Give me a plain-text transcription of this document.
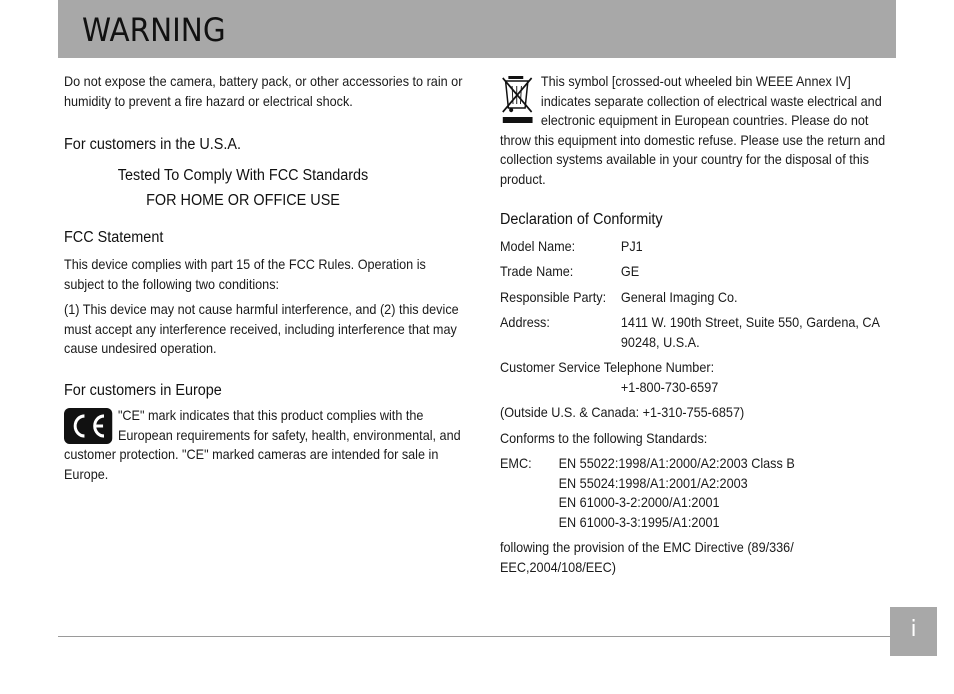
WARNING

Do not expose the camera, battery pack, or other accessories to rain or humidity to prevent a fire hazard or electrical shock.

For customers in the U.S.A.

Tested To Comply With FCC Standards

FOR HOME OR OFFICE USE

FCC Statement

This device complies with part 15 of the FCC Rules. Operation is subject to the following two conditions:

(1) This device may not cause harmful interference, and (2) this device must accept any interference received, including interference that may cause undesired operation.

For customers in Europe

"CE" mark indicates that this product complies with the European requirements for safety, health, environmental, and customer protection. "CE" marked cameras are intended for sale in Europe.

This symbol [crossed-out wheeled bin WEEE Annex IV] indicates separate collection of electrical waste electrical and electronic equipment in European countries. Please do not throw this equipment into domestic refuse. Please use the return and collection systems available in your country for the disposal of this product.

Declaration of Conformity

Model Name:	PJ1
Trade Name:	GE
Responsible Party:	General Imaging Co.
Address:	1411 W. 190th Street, Suite 550, Gardena, CA 90248, U.S.A.

Customer Service Telephone Number:

+1-800-730-6597

(Outside U.S. & Canada: +1-310-755-6857)

Conforms to the following Standards:

EMC:	EN 55022:1998/A1:2000/A2:2003 Class B
EN 55024:1998/A1:2001/A2:2003
EN 61000-3-2:2000/A1:2001
EN 61000-3-3:1995/A1:2001

following the provision of the EMC Directive (89/336/ EEC,2004/108/EEC)

i
